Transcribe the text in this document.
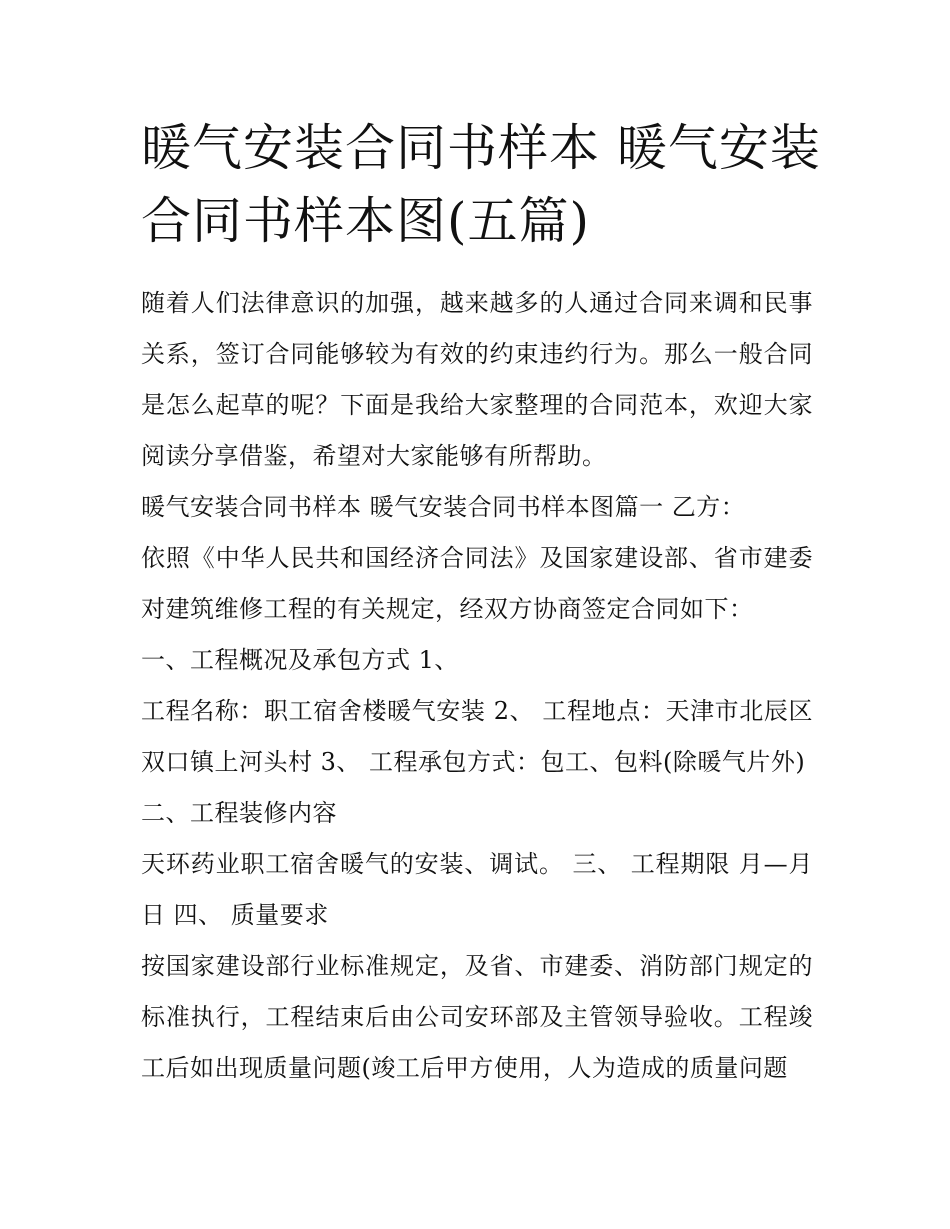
暖气安装合同书样本 暖气安装合同书样本图(五篇)

随着人们法律意识的加强，越来越多的人通过合同来调和民事关系，签订合同能够较为有效的约束违约行为。那么一般合同是怎么起草的呢？下面是我给大家整理的合同范本，欢迎大家阅读分享借鉴，希望对大家能够有所帮助。

暖气安装合同书样本 暖气安装合同书样本图篇一 乙方：

依照《中华人民共和国经济合同法》及国家建设部、省市建委对建筑维修工程的有关规定，经双方协商签定合同如下：

一、工程概况及承包方式 1、

工程名称：职工宿舍楼暖气安装 2、 工程地点：天津市北辰区双口镇上河头村 3、 工程承包方式：包工、包料(除暖气片外)

二、工程装修内容

天环药业职工宿舍暖气的安装、调试。 三、 工程期限 月—月日 四、 质量要求

按国家建设部行业标准规定，及省、市建委、消防部门规定的标准执行，工程结束后由公司安环部及主管领导验收。工程竣工后如出现质量问题(竣工后甲方使用，人为造成的质量问题
